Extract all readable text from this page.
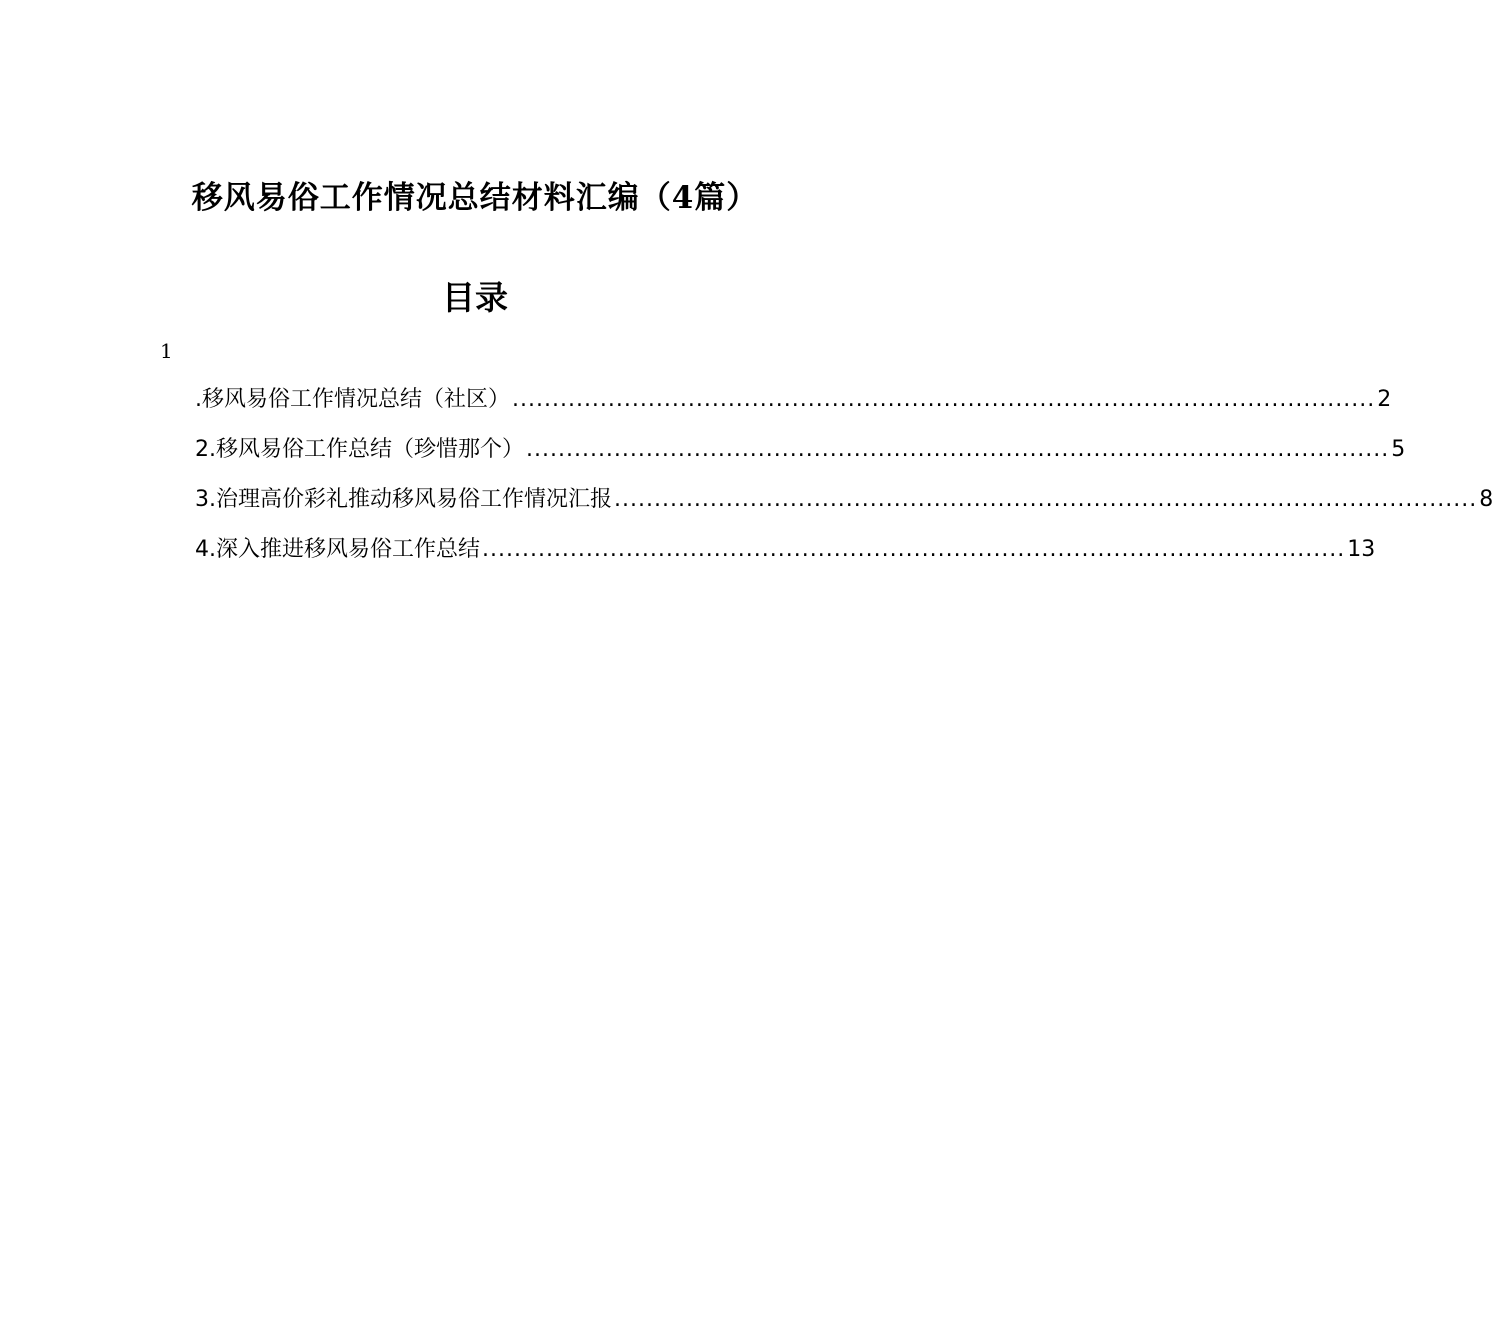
移风易俗工作情况总结材料汇编（4篇）
目录
1
.移风易俗工作情况总结（社区） ............................................................................................................ 2
2.移风易俗工作总结（珍惜那个） ............................................................................................................ 5
3.治理高价彩礼推动移风易俗工作情况汇报 ............................................................................................................ 8
4.深入推进移风易俗工作总结 ............................................................................................................ 13
